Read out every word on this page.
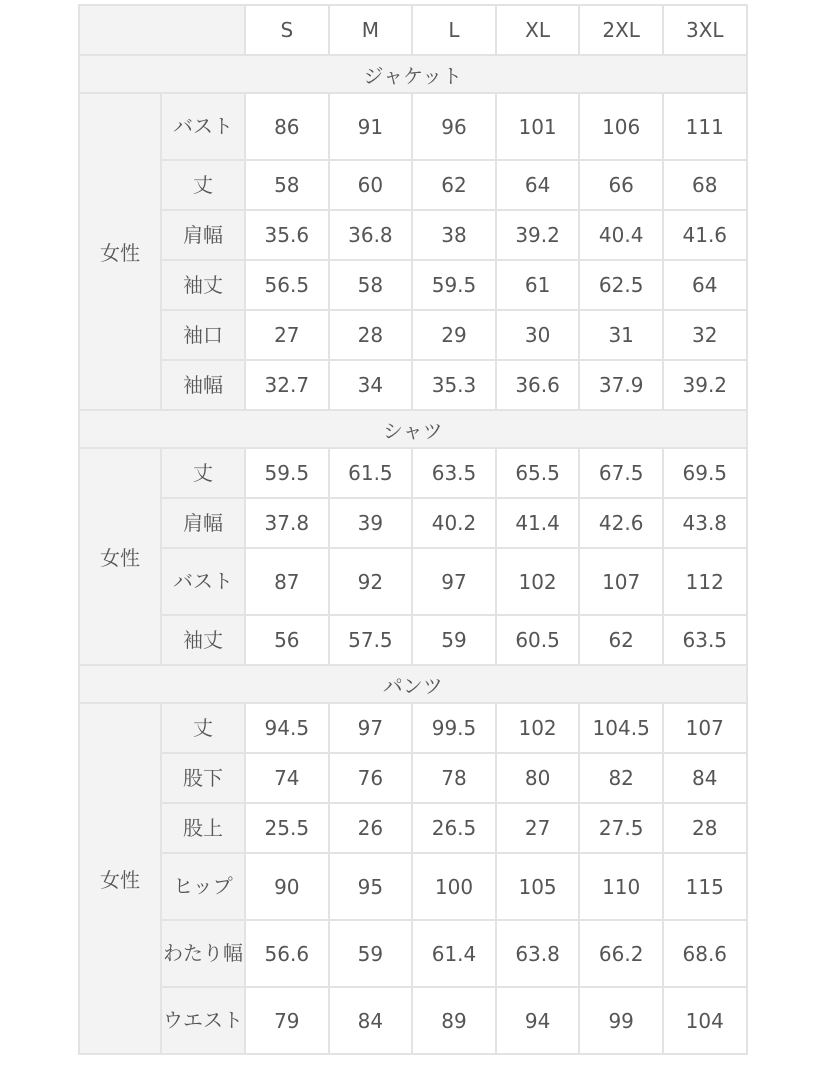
		S	M	L	XL	2XL	3XL
ジャケット							
女性	バスト	86	91	96	101	106	111
	丈	58	60	62	64	66	68
	肩幅	35.6	36.8	38	39.2	40.4	41.6
	袖丈	56.5	58	59.5	61	62.5	64
	袖口	27	28	29	30	31	32
	袖幅	32.7	34	35.3	36.6	37.9	39.2
シャツ							
女性	丈	59.5	61.5	63.5	65.5	67.5	69.5
	肩幅	37.8	39	40.2	41.4	42.6	43.8
	バスト	87	92	97	102	107	112
	袖丈	56	57.5	59	60.5	62	63.5
パンツ							
女性	丈	94.5	97	99.5	102	104.5	107
	股下	74	76	78	80	82	84
	股上	25.5	26	26.5	27	27.5	28
	ヒップ	90	95	100	105	110	115
	わたり幅	56.6	59	61.4	63.8	66.2	68.6
	ウエスト	79	84	89	94	99	104
